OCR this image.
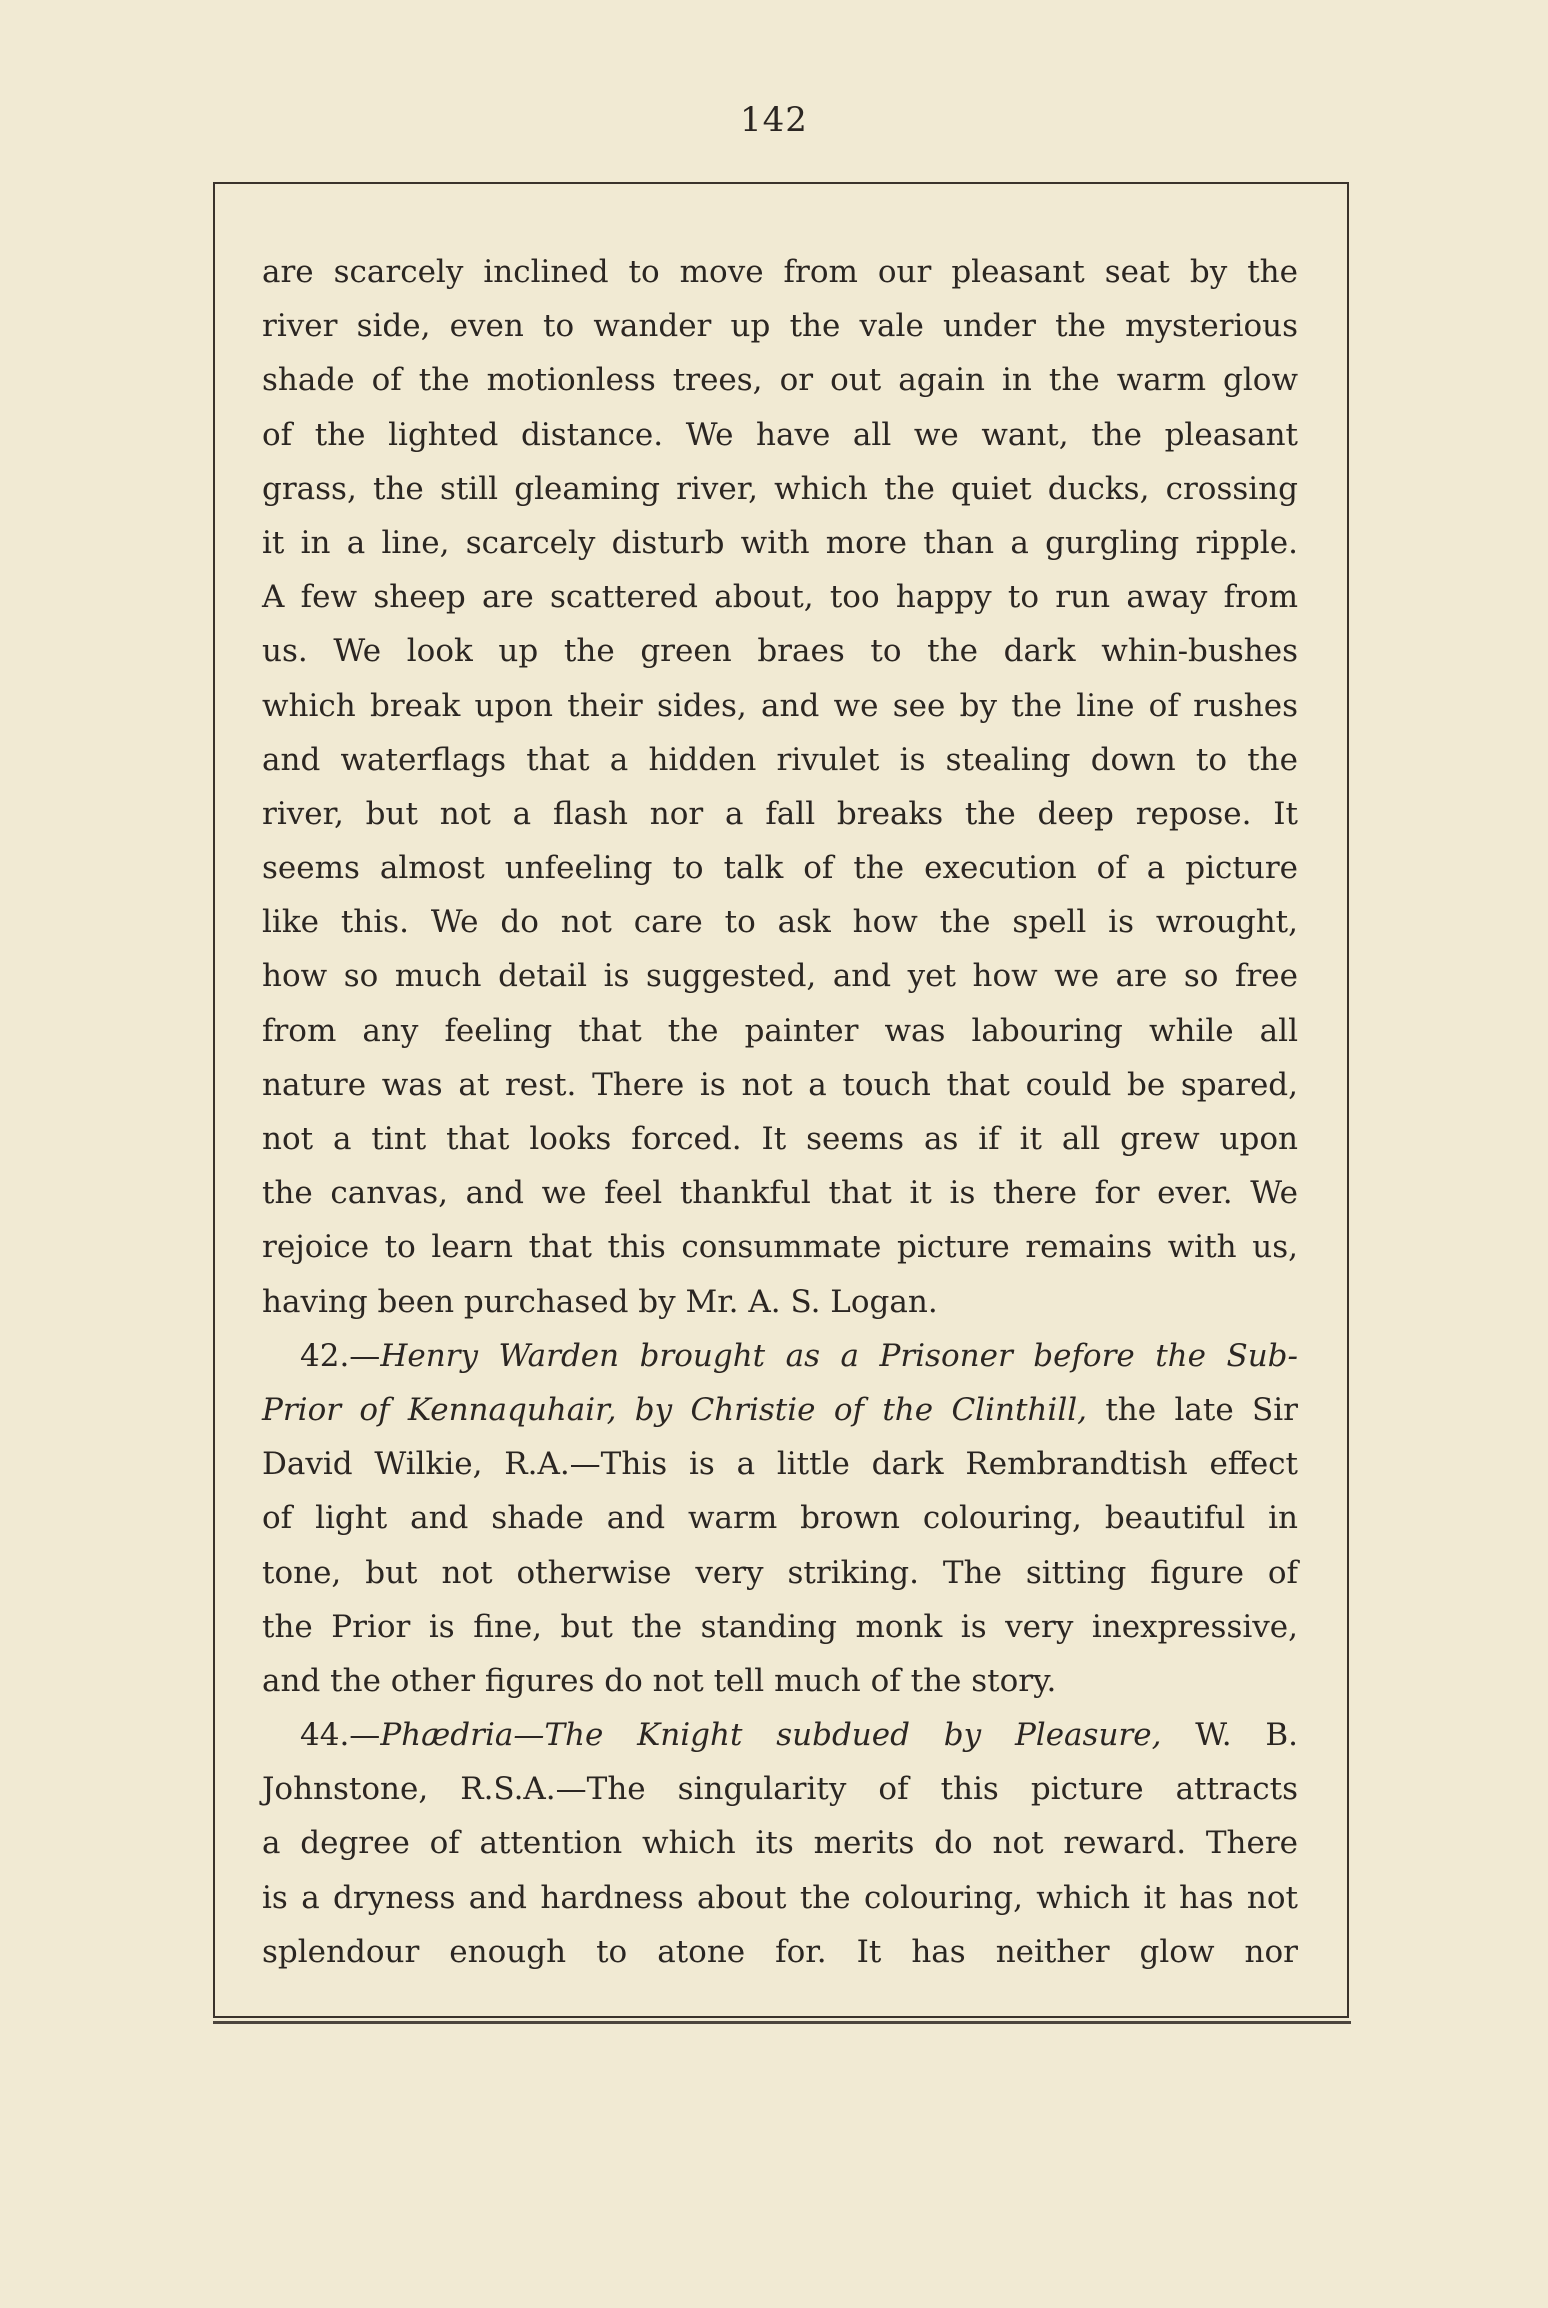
142
are scarcely inclined to move from our pleasant seat by the
river side, even to wander up the vale under the mysterious
shade of the motionless trees, or out again in the warm glow
of the lighted distance. We have all we want, the pleasant
grass, the still gleaming river, which the quiet ducks, crossing
it in a line, scarcely disturb with more than a gurgling ripple.
A few sheep are scattered about, too happy to run away from
us. We look up the green braes to the dark whin-bushes
which break upon their sides, and we see by the line of rushes
and waterflags that a hidden rivulet is stealing down to the
river, but not a flash nor a fall breaks the deep repose. It
seems almost unfeeling to talk of the execution of a picture
like this. We do not care to ask how the spell is wrought,
how so much detail is suggested, and yet how we are so free
from any feeling that the painter was labouring while all
nature was at rest. There is not a touch that could be spared,
not a tint that looks forced. It seems as if it all grew upon
the canvas, and we feel thankful that it is there for ever. We
rejoice to learn that this consummate picture remains with us,
having been purchased by Mr. A. S. Logan.
42.—Henry Warden brought as a Prisoner before the Sub-
Prior of Kennaquhair, by Christie of the Clinthill, the late Sir
David Wilkie, R.A.—This is a little dark Rembrandtish effect
of light and shade and warm brown colouring, beautiful in
tone, but not otherwise very striking. The sitting figure of
the Prior is fine, but the standing monk is very inexpressive,
and the other figures do not tell much of the story.
44.—Phædria—The Knight subdued by Pleasure, W. B.
Johnstone, R.S.A.—The singularity of this picture attracts
a degree of attention which its merits do not reward. There
is a dryness and hardness about the colouring, which it has not
splendour enough to atone for. It has neither glow nor
